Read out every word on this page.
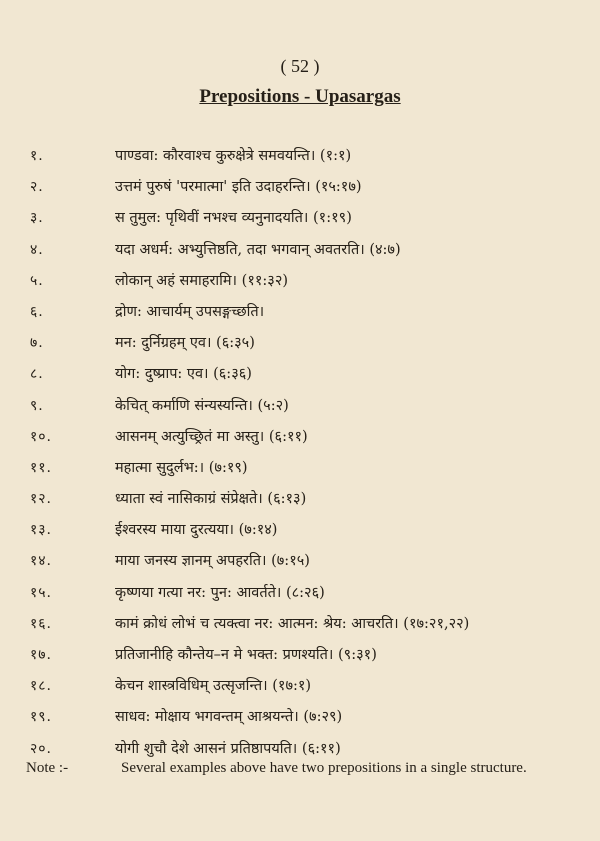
( 52 )
Prepositions - Upasargas
१.	पाण्डवा: कौरवाश्च कुरुक्षेत्रे समवयन्ति। (१:१)
२.	उत्तमं पुरुषं 'परमात्मा' इति उदाहरन्ति। (१५:१७)
३.	स तुमुल: पृथिवीं नभश्च व्यनुनादयति। (१:१९)
४.	यदा अधर्म: अभ्युत्तिष्ठति, तदा भगवान् अवतरति। (४:७)
५.	लोकान् अहं समाहरामि। (११:३२)
६.	द्रोण: आचार्यम् उपसङ्गच्छति।
७.	मन: दुर्निग्रहम् एव। (६:३५)
८.	योग: दुष्प्राप: एव। (६:३६)
९.	केचित् कर्माणि संन्यस्यन्ति। (५:२)
१०.	आसनम् अत्युच्छ्रितं मा अस्तु। (६:११)
११.	महात्मा सुदुर्लभ:। (७:१९)
१२.	ध्याता स्वं नासिकाग्रं संप्रेक्षते। (६:१३)
१३.	ईश्वरस्य माया दुरत्यया। (७:१४)
१४.	माया जनस्य ज्ञानम् अपहरति। (७:१५)
१५.	कृष्णया गत्या नर: पुन: आवर्तते। (८:२६)
१६.	कामं क्रोधं लोभं च त्यक्त्वा नर: आत्मन: श्रेय: आचरति। (१७:२१,२२)
१७.	प्रतिजानीहि कौन्तेय–न मे भक्त: प्रणश्यति। (९:३१)
१८.	केचन शास्त्रविधिम् उत्सृजन्ति। (१७:१)
१९.	साधव: मोक्षाय भगवन्तम् आश्रयन्ते। (७:२९)
२०.	योगी शुचौ देशे आसनं प्रतिष्ठापयति। (६:११)
Note :-	Several examples above have two prepositions in a single structure.
